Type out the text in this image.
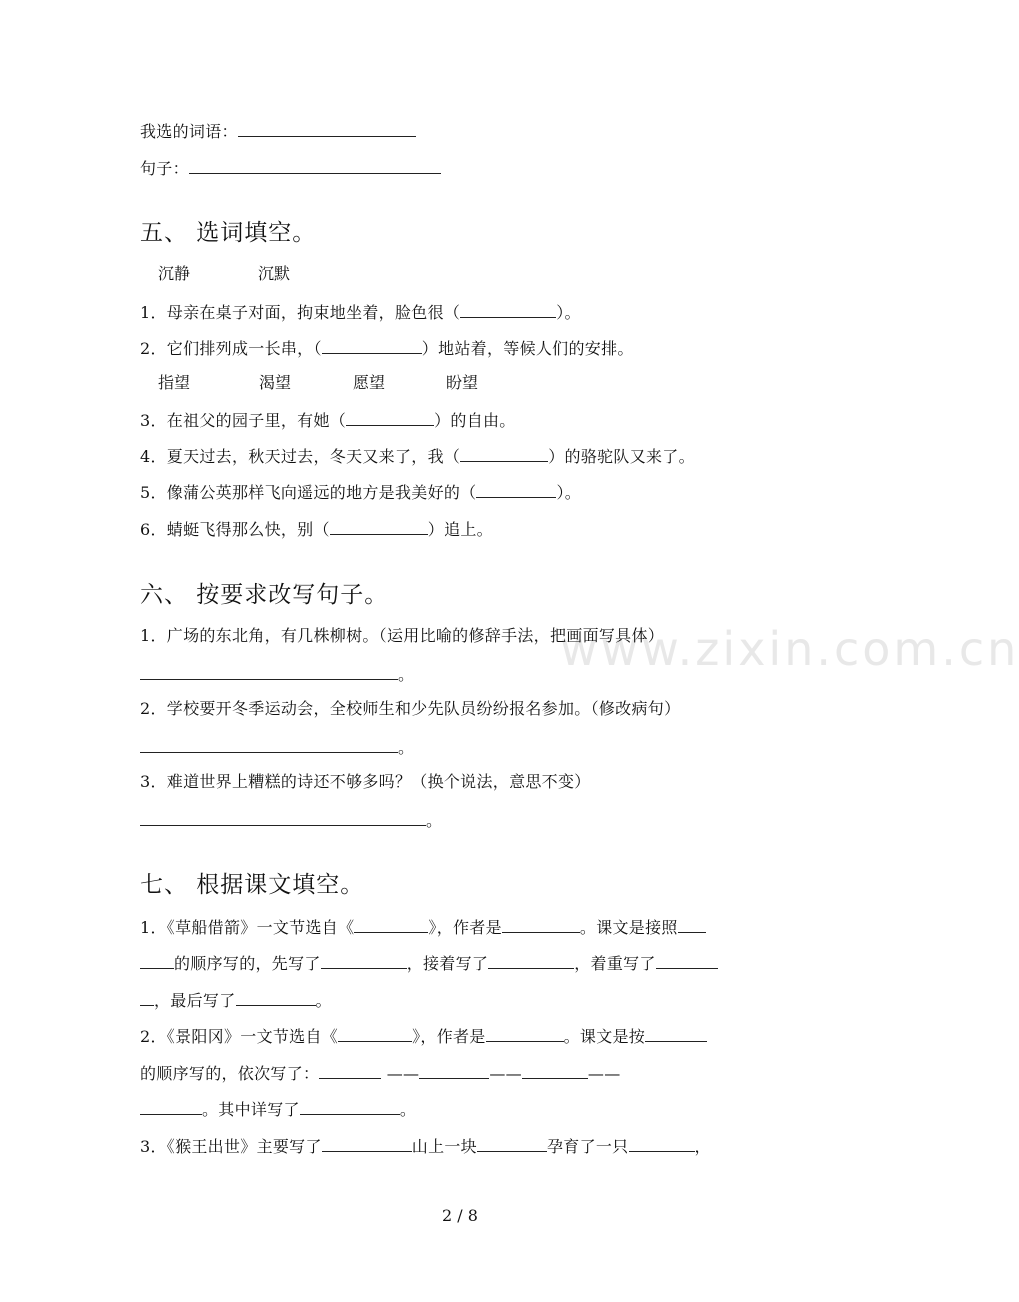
www.zixin.com.cn
我选的词语：
句子：
五、 选词填空。
沉静	沉默
1．母亲在桌子对面，拘束地坐着，脸色很（	）。
2．它们排列成一长串，（	）地站着，等候人们的安排。
指望	渴望	愿望	盼望
3．在祖父的园子里，有她（	）的自由。
4．夏天过去，秋天过去，冬天又来了，我（	）的骆驼队又来了。
5．像蒲公英那样飞向遥远的地方是我美好的（	）。
6．蜻蜓飞得那么快，别（	）追上。
六、 按要求改写句子。
1．广场的东北角，有几株柳树。（运用比喻的修辞手法，把画面写具体）
。
2．学校要开冬季运动会，全校师生和少先队员纷纷报名参加。（修改病句）
。
3．难道世界上糟糕的诗还不够多吗？（换个说法，意思不变）
。
七、 根据课文填空。
1．《草船借箭》一文节选自《	》，作者是	。课文是接照
的顺序写的，先写了	，接着写了	，着重写了
，最后写了	。
2．《景阳冈》一文节选自《	》，作者是	。课文是按
的顺序写的，依次写了：	——	——	——
。其中详写了	。
3．《猴王出世》主要写了	山上一块	孕育了一只	，
2 / 8
